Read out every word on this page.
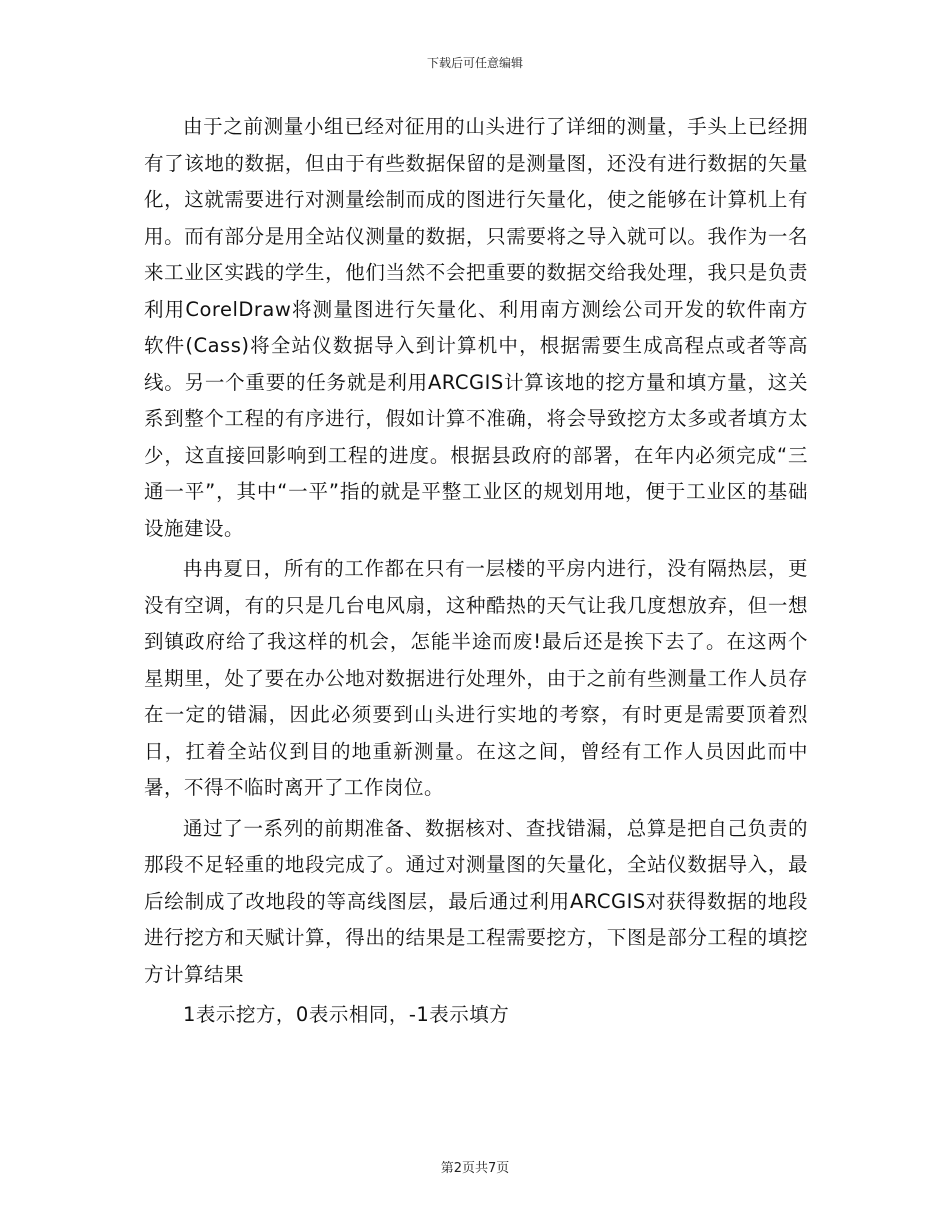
下载后可任意编辑

由于之前测量小组已经对征用的山头进行了详细的测量，手头上已经拥有了该地的数据，但由于有些数据保留的是测量图，还没有进行数据的矢量化，这就需要进行对测量绘制而成的图进行矢量化，使之能够在计算机上有用。而有部分是用全站仪测量的数据，只需要将之导入就可以。我作为一名来工业区实践的学生，他们当然不会把重要的数据交给我处理，我只是负责利用CorelDraw将测量图进行矢量化、利用南方测绘公司开发的软件南方软件(Cass)将全站仪数据导入到计算机中，根据需要生成高程点或者等高线。另一个重要的任务就是利用ARCGIS计算该地的挖方量和填方量，这关系到整个工程的有序进行，假如计算不准确，将会导致挖方太多或者填方太少，这直接回影响到工程的进度。根据县政府的部署，在年内必须完成“三通一平”，其中“一平”指的就是平整工业区的规划用地，便于工业区的基础设施建设。

冉冉夏日，所有的工作都在只有一层楼的平房内进行，没有隔热层，更没有空调，有的只是几台电风扇，这种酷热的天气让我几度想放弃，但一想到镇政府给了我这样的机会，怎能半途而废!最后还是挨下去了。在这两个星期里，处了要在办公地对数据进行处理外，由于之前有些测量工作人员存在一定的错漏，因此必须要到山头进行实地的考察，有时更是需要顶着烈日，扛着全站仪到目的地重新测量。在这之间，曾经有工作人员因此而中暑，不得不临时离开了工作岗位。

通过了一系列的前期准备、数据核对、查找错漏，总算是把自己负责的那段不足轻重的地段完成了。通过对测量图的矢量化，全站仪数据导入，最后绘制成了改地段的等高线图层，最后通过利用ARCGIS对获得数据的地段进行挖方和天赋计算，得出的结果是工程需要挖方，下图是部分工程的填挖方计算结果

1表示挖方，0表示相同，-1表示填方

第2页共7页
